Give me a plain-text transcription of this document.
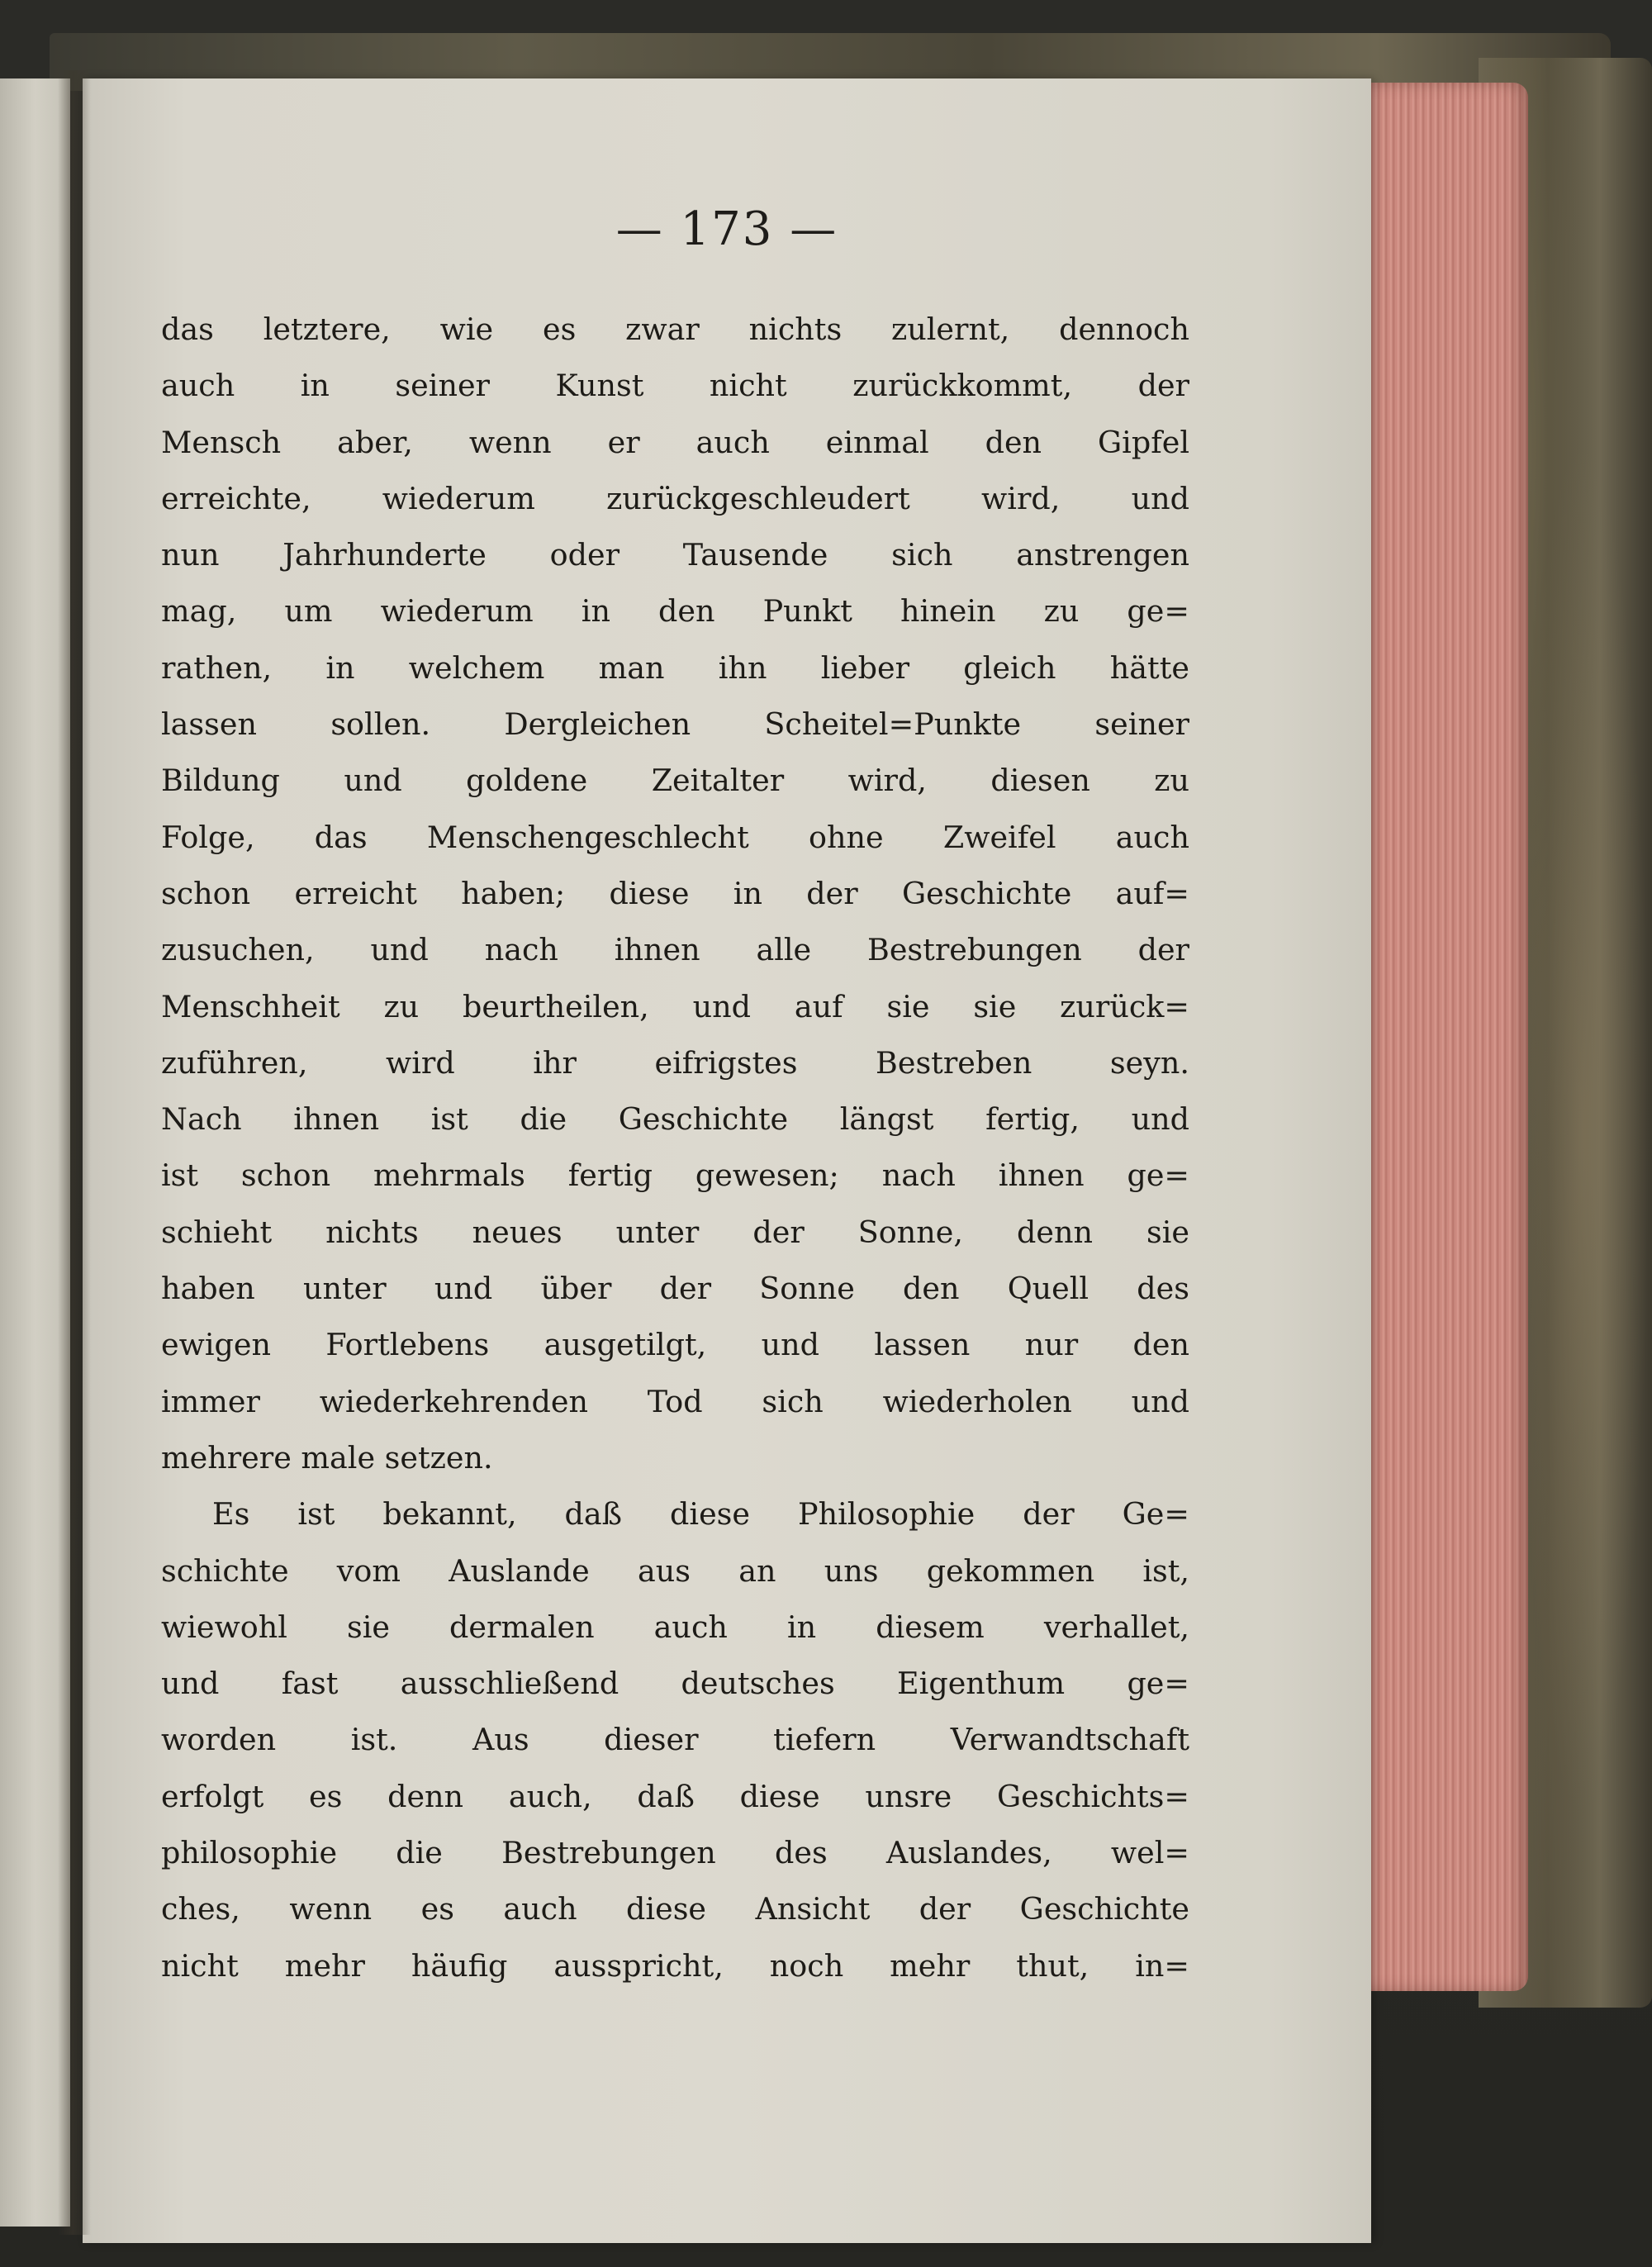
— 173 —
das letztere, wie es zwar nichts zulernt, dennoch
auch in seiner Kunst nicht zurückkommt, der
Mensch aber, wenn er auch einmal den Gipfel
erreichte, wiederum zurückgeschleudert wird, und
nun Jahrhunderte oder Tausende sich anstrengen
mag, um wiederum in den Punkt hinein zu ge=
rathen, in welchem man ihn lieber gleich hätte
lassen sollen. Dergleichen Scheitel=Punkte seiner
Bildung und goldene Zeitalter wird, diesen zu
Folge, das Menschengeschlecht ohne Zweifel auch
schon erreicht haben; diese in der Geschichte auf=
zusuchen, und nach ihnen alle Bestrebungen der
Menschheit zu beurtheilen, und auf sie sie zurück=
zuführen, wird ihr eifrigstes Bestreben seyn.
Nach ihnen ist die Geschichte längst fertig, und
ist schon mehrmals fertig gewesen; nach ihnen ge=
schieht nichts neues unter der Sonne, denn sie
haben unter und über der Sonne den Quell des
ewigen Fortlebens ausgetilgt, und lassen nur den
immer wiederkehrenden Tod sich wiederholen und
mehrere male setzen.
Es ist bekannt, daß diese Philosophie der Ge=
schichte vom Auslande aus an uns gekommen ist,
wiewohl sie dermalen auch in diesem verhallet,
und fast ausschließend deutsches Eigenthum ge=
worden ist. Aus dieser tiefern Verwandtschaft
erfolgt es denn auch, daß diese unsre Geschichts=
philosophie die Bestrebungen des Auslandes, wel=
ches, wenn es auch diese Ansicht der Geschichte
nicht mehr häufig ausspricht, noch mehr thut, in=
